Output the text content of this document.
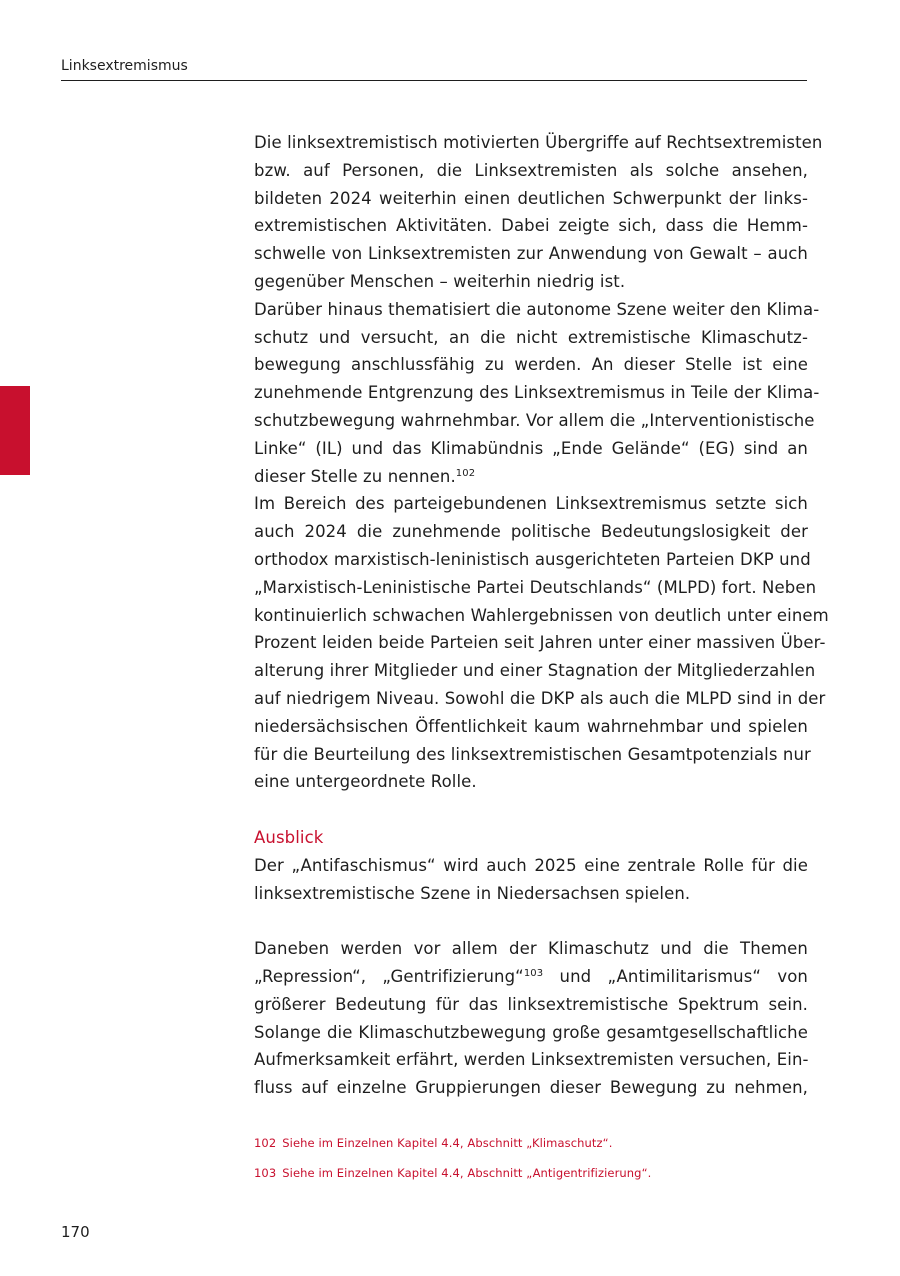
Linksextremismus

Die linksextremistisch motivierten Übergriffe auf Rechtsextremisten
bzw. auf Personen, die Linksextremisten als solche ansehen,
bildeten 2024 weiterhin einen deutlichen Schwerpunkt der links-
extremistischen Aktivitäten. Dabei zeigte sich, dass die Hemm-
schwelle von Linksextremisten zur Anwendung von Gewalt – auch
gegenüber Menschen – weiterhin niedrig ist.

Darüber hinaus thematisiert die autonome Szene weiter den Klima-
schutz und versucht, an die nicht extremistische Klimaschutz-
bewegung anschlussfähig zu werden. An dieser Stelle ist eine
zunehmende Entgrenzung des Linksextremismus in Teile der Klima-
schutzbewegung wahrnehmbar. Vor allem die „Interventionistische
Linke“ (IL) und das Klimabündnis „Ende Gelände“ (EG) sind an
dieser Stelle zu nennen.$^{102}$

Im Bereich des parteigebundenen Linksextremismus setzte sich
auch 2024 die zunehmende politische Bedeutungslosigkeit der
orthodox marxistisch-leninistisch ausgerichteten Parteien DKP und
„Marxistisch-Leninistische Partei Deutschlands“ (MLPD) fort. Neben
kontinuierlich schwachen Wahlergebnissen von deutlich unter einem
Prozent leiden beide Parteien seit Jahren unter einer massiven Über-
alterung ihrer Mitglieder und einer Stagnation der Mitgliederzahlen
auf niedrigem Niveau. Sowohl die DKP als auch die MLPD sind in der
niedersächsischen Öffentlichkeit kaum wahrnehmbar und spielen
für die Beurteilung des linksextremistischen Gesamtpotenzials nur
eine untergeordnete Rolle.

Ausblick

Der „Antifaschismus“ wird auch 2025 eine zentrale Rolle für die
linksextremistische Szene in Niedersachsen spielen.

Daneben werden vor allem der Klimaschutz und die Themen
„Repression“, „Gentrifizierung“$^{103}$ und „Antimilitarismus“ von
größerer Bedeutung für das linksextremistische Spektrum sein.
Solange die Klimaschutzbewegung große gesamtgesellschaftliche
Aufmerksamkeit erfährt, werden Linksextremisten versuchen, Ein-
fluss auf einzelne Gruppierungen dieser Bewegung zu nehmen,

102 Siehe im Einzelnen Kapitel 4.4, Abschnitt „Klimaschutz“.
103 Siehe im Einzelnen Kapitel 4.4, Abschnitt „Antigentrifizierung“.
170
